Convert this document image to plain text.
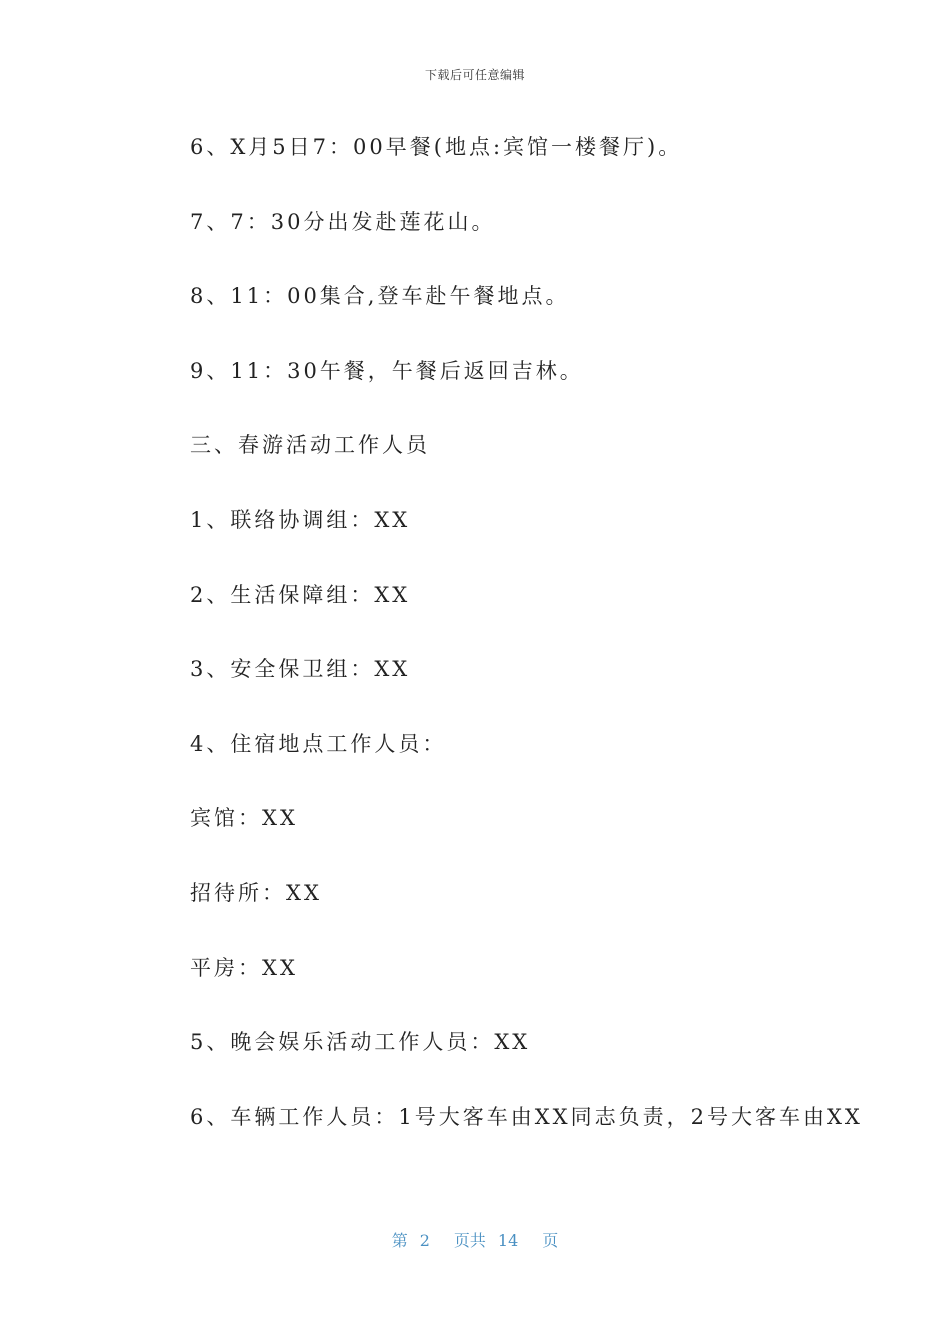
下载后可任意编辑
6、X月5日7：00早餐(地点:宾馆一楼餐厅)。
7、7：30分出发赴莲花山。
8、11：00集合,登车赴午餐地点。
9、11：30午餐，午餐后返回吉林。
三、春游活动工作人员
1、联络协调组：XX
2、生活保障组：XX
3、安全保卫组：XX
4、住宿地点工作人员：
宾馆：XX
招待所：XX
平房：XX
5、晚会娱乐活动工作人员：XX
6、车辆工作人员：1号大客车由XX同志负责，2号大客车由XX
第 2 页共 14 页
